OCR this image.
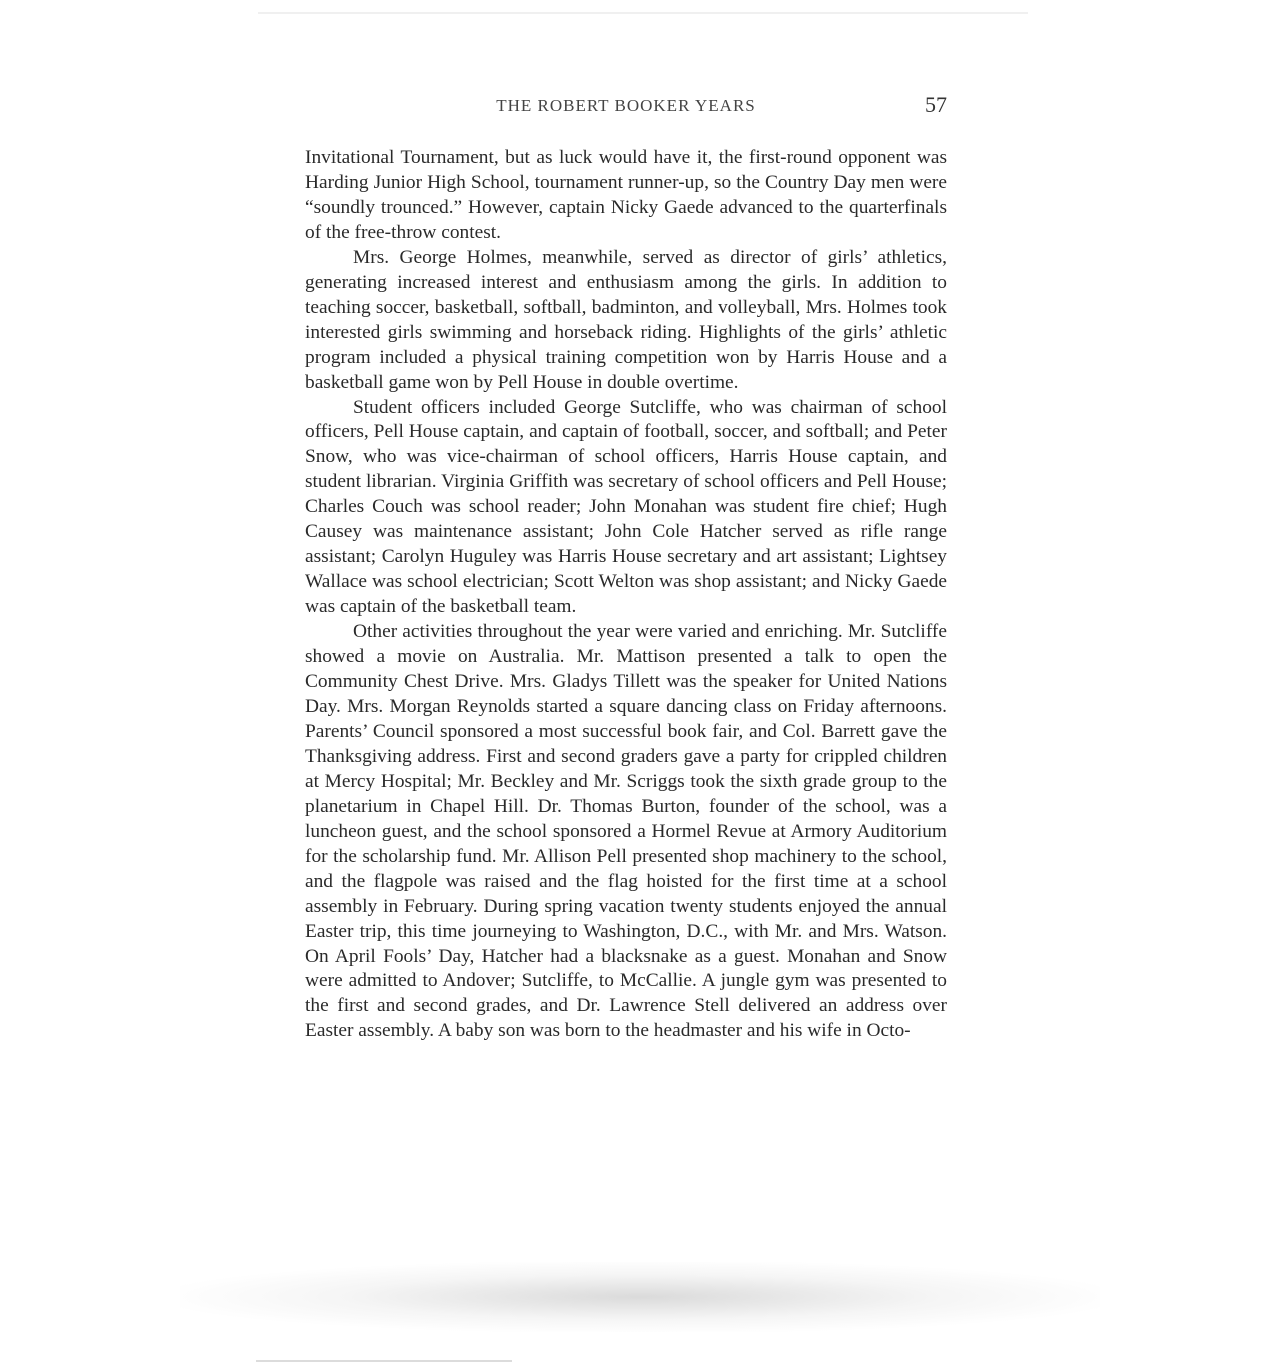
THE ROBERT BOOKER YEARS	57

Invitational Tournament, but as luck would have it, the first-round opponent was Harding Junior High School, tournament runner-up, so the Country Day men were “soundly trounced.” However, captain Nicky Gaede advanced to the quarterfinals of the free-throw contest.

Mrs. George Holmes, meanwhile, served as director of girls’ athletics, generating increased interest and enthusiasm among the girls. In addition to teaching soccer, basketball, softball, badminton, and volleyball, Mrs. Holmes took interested girls swimming and horseback riding. Highlights of the girls’ athletic program included a physical training competition won by Harris House and a basketball game won by Pell House in double overtime.

Student officers included George Sutcliffe, who was chairman of school officers, Pell House captain, and captain of football, soccer, and softball; and Peter Snow, who was vice-chairman of school officers, Harris House captain, and student librarian. Virginia Griffith was secretary of school officers and Pell House; Charles Couch was school reader; John Monahan was student fire chief; Hugh Causey was maintenance assistant; John Cole Hatcher served as rifle range assistant; Carolyn Huguley was Harris House secretary and art assistant; Lightsey Wallace was school electrician; Scott Welton was shop assistant; and Nicky Gaede was captain of the basketball team.

Other activities throughout the year were varied and enriching. Mr. Sutcliffe showed a movie on Australia. Mr. Mattison presented a talk to open the Community Chest Drive. Mrs. Gladys Tillett was the speaker for United Nations Day. Mrs. Morgan Reynolds started a square dancing class on Friday afternoons. Parents’ Council sponsored a most successful book fair, and Col. Barrett gave the Thanksgiving address. First and second graders gave a party for crippled children at Mercy Hospital; Mr. Beckley and Mr. Scriggs took the sixth grade group to the planetarium in Chapel Hill. Dr. Thomas Burton, founder of the school, was a luncheon guest, and the school sponsored a Hormel Revue at Armory Auditorium for the scholarship fund. Mr. Allison Pell presented shop machinery to the school, and the flagpole was raised and the flag hoisted for the first time at a school assembly in February. During spring vacation twenty students enjoyed the annual Easter trip, this time journeying to Washington, D.C., with Mr. and Mrs. Watson. On April Fools’ Day, Hatcher had a blacksnake as a guest. Monahan and Snow were admitted to Andover; Sutcliffe, to McCallie. A jungle gym was presented to the first and second grades, and Dr. Lawrence Stell delivered an address over Easter assembly. A baby son was born to the headmaster and his wife in Octo-
